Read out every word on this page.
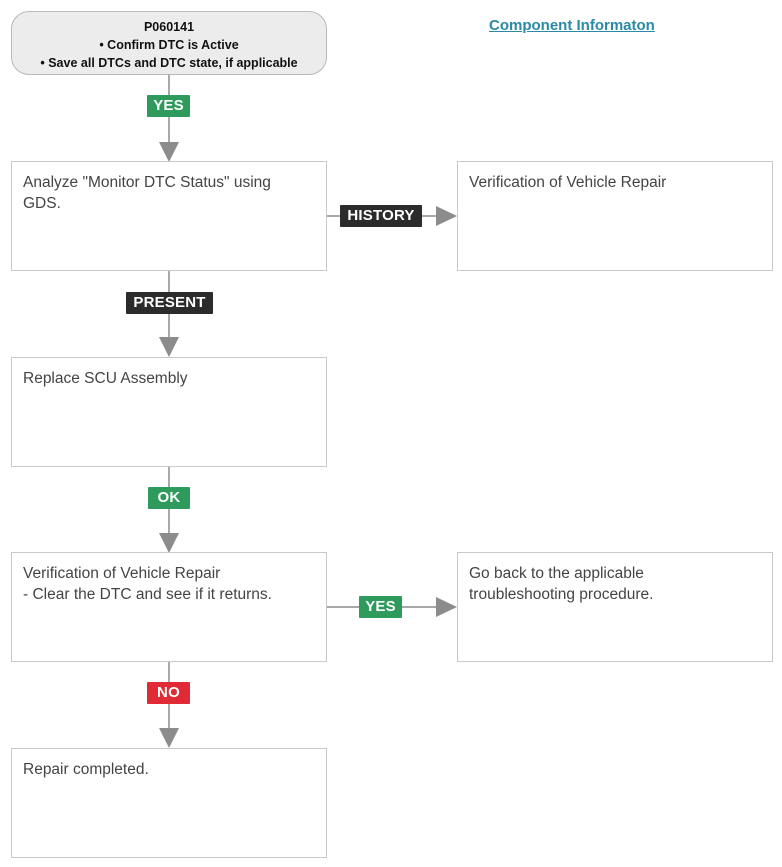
P060141
• Confirm DTC is Active
• Save all DTCs and DTC state, if applicable
Component Informaton
YES
Analyze "Monitor DTC Status" using
GDS.
HISTORY
Verification of Vehicle Repair
PRESENT
Replace SCU Assembly
OK
Verification of Vehicle Repair
- Clear the DTC and see if it returns.
YES
Go back to the applicable
troubleshooting procedure.
NO
Repair completed.
